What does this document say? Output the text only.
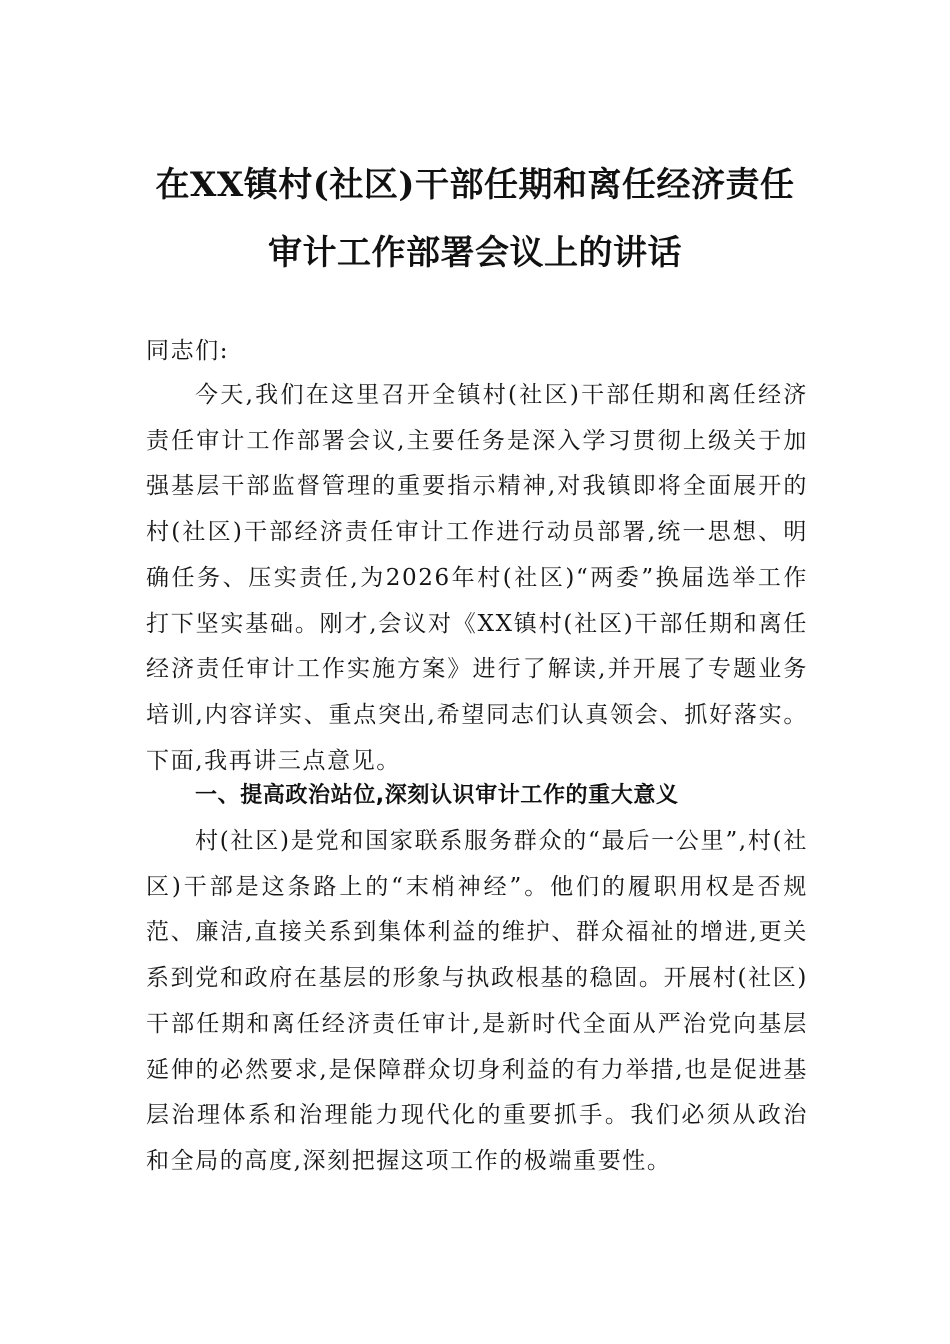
在XX镇村(社区)干部任期和离任经济责任
审计工作部署会议上的讲话
同志们:
今天,我们在这里召开全镇村(社区)干部任期和离任经济责任审计工作部署会议,主要任务是深入学习贯彻上级关于加强基层干部监督管理的重要指示精神,对我镇即将全面展开的村(社区)干部经济责任审计工作进行动员部署,统一思想、明确任务、压实责任,为2026年村(社区)“两委”换届选举工作打下坚实基础。刚才,会议对《XX镇村(社区)干部任期和离任经济责任审计工作实施方案》进行了解读,并开展了专题业务培训,内容详实、重点突出,希望同志们认真领会、抓好落实。下面,我再讲三点意见。
一、提高政治站位,深刻认识审计工作的重大意义
村(社区)是党和国家联系服务群众的“最后一公里”,村(社区)干部是这条路上的“末梢神经”。他们的履职用权是否规范、廉洁,直接关系到集体利益的维护、群众福祉的增进,更关系到党和政府在基层的形象与执政根基的稳固。开展村(社区)干部任期和离任经济责任审计,是新时代全面从严治党向基层延伸的必然要求,是保障群众切身利益的有力举措,也是促进基层治理体系和治理能力现代化的重要抓手。我们必须从政治和全局的高度,深刻把握这项工作的极端重要性。
